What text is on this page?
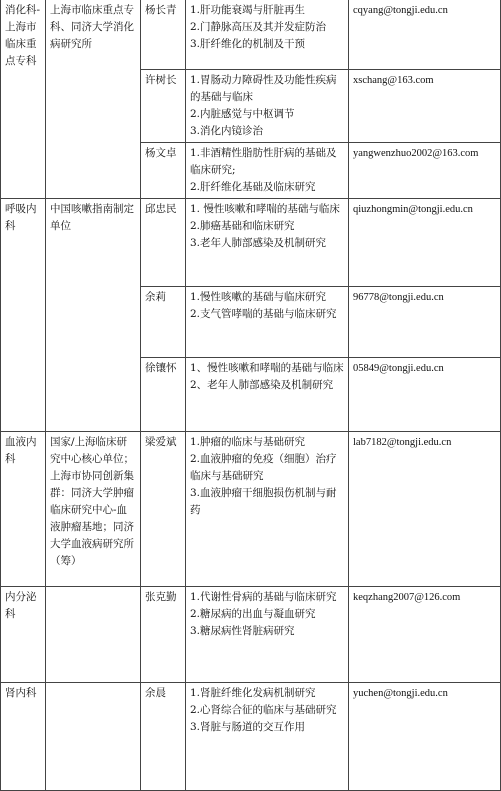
消化科-上海市临床重点专科	上海市临床重点专科、同济大学消化病研究所	杨长青	1.肝功能衰竭与肝脏再生
2.门静脉高压及其并发症防治
3.肝纤维化的机制及干预	cqyang@tongji.edu.cn
		许树长	1.胃肠动力障碍性及功能性疾病的基础与临床
2.内脏感觉与中枢调节
3.消化内镜诊治	xschang@163.com
		杨文卓	1.非酒精性脂肪性肝病的基础及临床研究;
2.肝纤维化基础及临床研究	yangwenzhuo2002@163.com
呼吸内科	中国咳嗽指南制定单位	邱忠民	1. 慢性咳嗽和哮喘的基础与临床
2.肺癌基础和临床研究
3.老年人肺部感染及机制研究	qiuzhongmin@tongji.edu.cn
		余莉	1.慢性咳嗽的基础与临床研究
2.支气管哮喘的基础与临床研究	96778@tongji.edu.cn
		徐镶怀	1、慢性咳嗽和哮喘的基础与临床
2、老年人肺部感染及机制研究	05849@tongji.edu.cn
血液内科	国家/上海临床研究中心核心单位；上海市协同创新集群：同济大学肿瘤临床研究中心-血液肿瘤基地；同济大学血液病研究所（筹）	梁爱斌	1.肿瘤的临床与基础研究
2.血液肿瘤的免疫（细胞）治疗临床与基础研究
3.血液肿瘤干细胞损伤机制与耐药	lab7182@tongji.edu.cn
内分泌科		张克勤	1.代谢性骨病的基础与临床研究
2.糖尿病的出血与凝血研究
3.糖尿病性肾脏病研究	keqzhang2007@126.com
肾内科		余晨	1.肾脏纤维化发病机制研究
2.心肾综合征的临床与基础研究
3.肾脏与肠道的交互作用	yuchen@tongji.edu.cn
